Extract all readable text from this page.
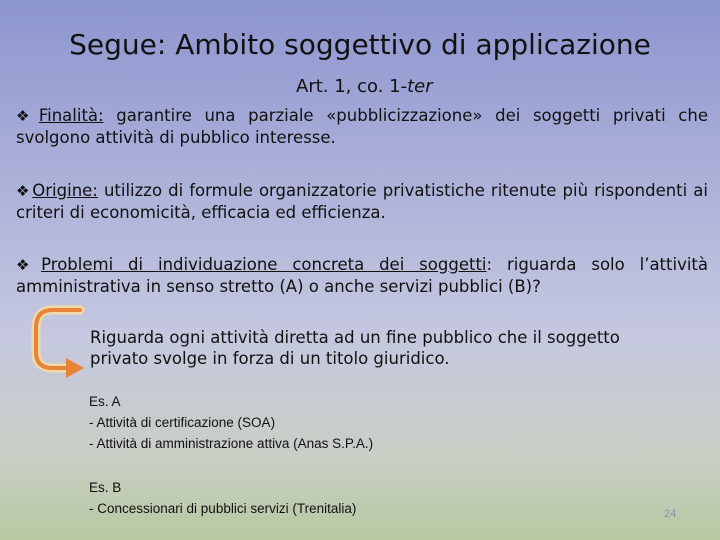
Segue: Ambito soggettivo di applicazione
Art. 1, co. 1-ter
❖ Finalità: garantire una parziale «pubblicizzazione» dei soggetti privati che svolgono attività di pubblico interesse.
❖ Origine: utilizzo di formule organizzatorie privatistiche ritenute più rispondenti ai criteri di economicità, efficacia ed efficienza.
❖ Problemi di individuazione concreta dei soggetti: riguarda solo l’attività amministrativa in senso stretto (A) o anche servizi pubblici (B)?
Riguarda ogni attività diretta ad un fine pubblico che il soggetto privato svolge in forza di un titolo giuridico.
Es. A
- Attività di certificazione (SOA)
- Attività di amministrazione attiva (Anas S.P.A.)
Es. B
- Concessionari di pubblici servizi (Trenitalia)	24
